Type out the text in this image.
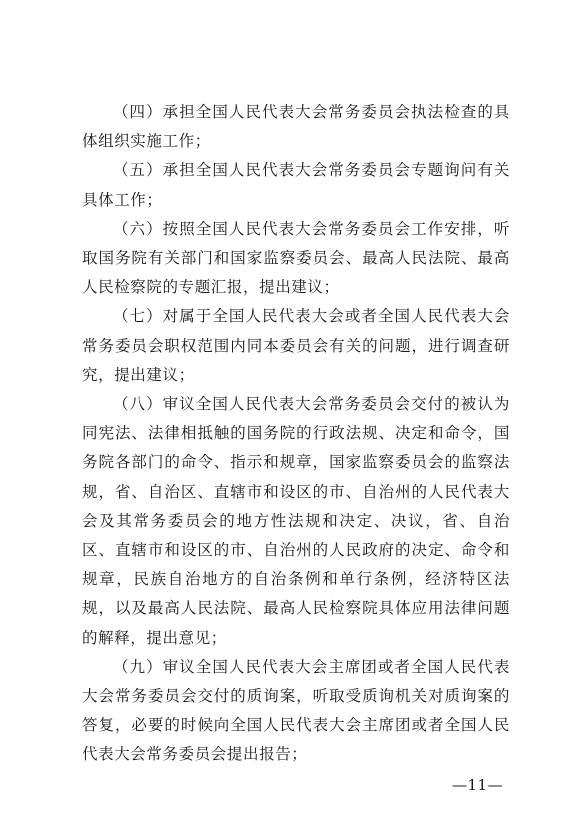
（四）承担全国人民代表大会常务委员会执法检查的具体组织实施工作；

（五）承担全国人民代表大会常务委员会专题询问有关具体工作；

（六）按照全国人民代表大会常务委员会工作安排，听取国务院有关部门和国家监察委员会、最高人民法院、最高人民检察院的专题汇报，提出建议；

（七）对属于全国人民代表大会或者全国人民代表大会常务委员会职权范围内同本委员会有关的问题，进行调查研究，提出建议；

（八）审议全国人民代表大会常务委员会交付的被认为同宪法、法律相抵触的国务院的行政法规、决定和命令，国务院各部门的命令、指示和规章，国家监察委员会的监察法规，省、自治区、直辖市和设区的市、自治州的人民代表大会及其常务委员会的地方性法规和决定、决议，省、自治区、直辖市和设区的市、自治州的人民政府的决定、命令和规章，民族自治地方的自治条例和单行条例，经济特区法规，以及最高人民法院、最高人民检察院具体应用法律问题的解释，提出意见；

（九）审议全国人民代表大会主席团或者全国人民代表大会常务委员会交付的质询案，听取受质询机关对质询案的答复，必要的时候向全国人民代表大会主席团或者全国人民代表大会常务委员会提出报告；

—11—
